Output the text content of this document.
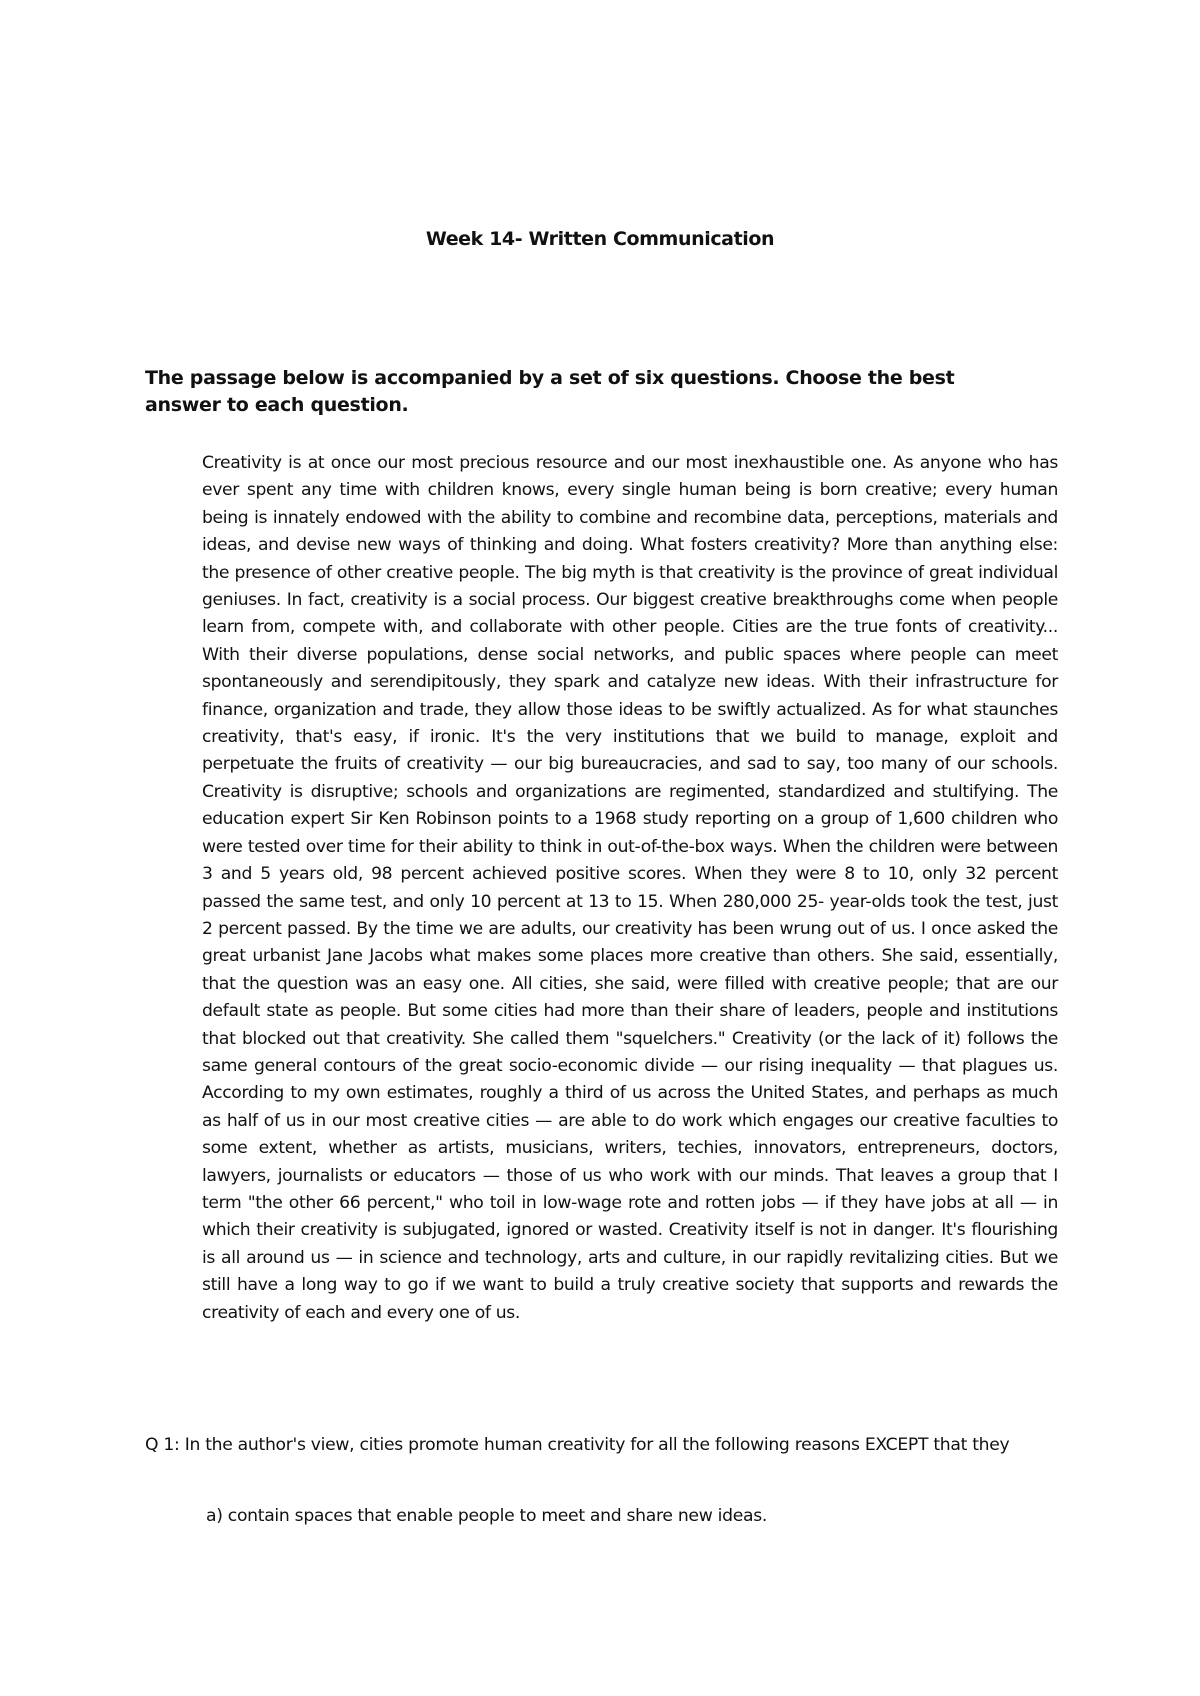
Week 14- Written Communication
The passage below is accompanied by a set of six questions. Choose the best answer to each question.

Creativity is at once our most precious resource and our most inexhaustible one. As anyone who has ever spent any time with children knows, every single human being is born creative; every human being is innately endowed with the ability to combine and recombine data, perceptions, materials and ideas, and devise new ways of thinking and doing. What fosters creativity? More than anything else: the presence of other creative people. The big myth is that creativity is the province of great individual geniuses. In fact, creativity is a social process. Our biggest creative breakthroughs come when people learn from, compete with, and collaborate with other people. Cities are the true fonts of creativity... With their diverse populations, dense social networks, and public spaces where people can meet spontaneously and serendipitously, they spark and catalyze new ideas. With their infrastructure for finance, organization and trade, they allow those ideas to be swiftly actualized. As for what staunches creativity, that's easy, if ironic. It's the very institutions that we build to manage, exploit and perpetuate the fruits of creativity — our big bureaucracies, and sad to say, too many of our schools. Creativity is disruptive; schools and organizations are regimented, standardized and stultifying. The education expert Sir Ken Robinson points to a 1968 study reporting on a group of 1,600 children who were tested over time for their ability to think in out-of-the-box ways. When the children were between 3 and 5 years old, 98 percent achieved positive scores. When they were 8 to 10, only 32 percent passed the same test, and only 10 percent at 13 to 15. When 280,000 25- year-olds took the test, just 2 percent passed. By the time we are adults, our creativity has been wrung out of us. I once asked the great urbanist Jane Jacobs what makes some places more creative than others. She said, essentially, that the question was an easy one. All cities, she said, were filled with creative people; that are our default state as people. But some cities had more than their share of leaders, people and institutions that blocked out that creativity. She called them "squelchers." Creativity (or the lack of it) follows the same general contours of the great socio-economic divide — our rising inequality — that plagues us. According to my own estimates, roughly a third of us across the United States, and perhaps as much as half of us in our most creative cities — are able to do work which engages our creative faculties to some extent, whether as artists, musicians, writers, techies, innovators, entrepreneurs, doctors, lawyers, journalists or educators — those of us who work with our minds. That leaves a group that I term "the other 66 percent," who toil in low-wage rote and rotten jobs — if they have jobs at all — in which their creativity is subjugated, ignored or wasted. Creativity itself is not in danger. It's flourishing is all around us — in science and technology, arts and culture, in our rapidly revitalizing cities. But we still have a long way to go if we want to build a truly creative society that supports and rewards the creativity of each and every one of us.

Q 1: In the author's view, cities promote human creativity for all the following reasons EXCEPT that they
a) contain spaces that enable people to meet and share new ideas.
